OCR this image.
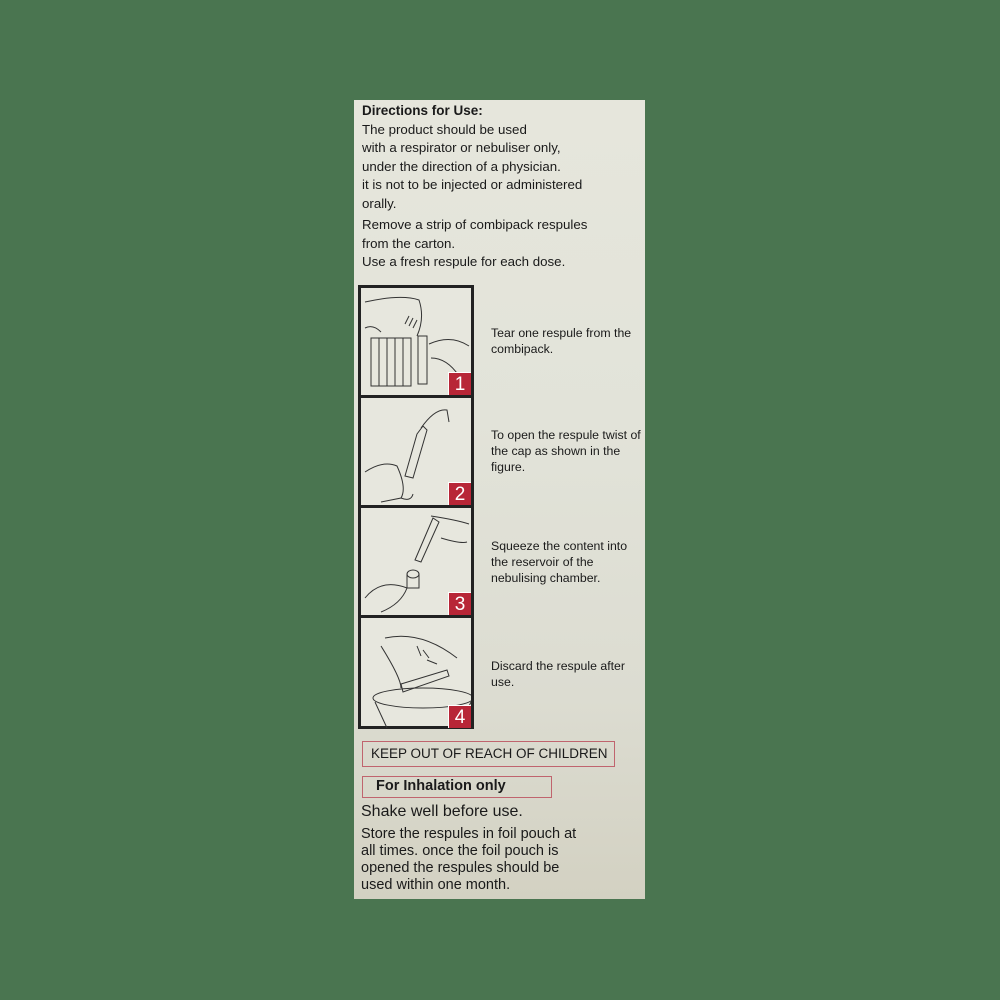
Directions for Use:

The product should be used

with a respirator or nebuliser only,

under the direction of a physician.

it is not to be injected or administered

orally.

Remove a strip of combipack respules

from the carton.

Use a fresh respule for each dose.

1
2
3
4
Tear one respule from the combipack.
To open the respule twist of the cap as shown in the figure.
Squeeze the content into the reservoir of the nebulising chamber.
Discard the respule after use.
KEEP OUT OF REACH OF CHILDREN
For Inhalation only
Shake well before use.

Store the respules in foil pouch at

all times. once the foil pouch is

opened the respules should be

used within one month.
